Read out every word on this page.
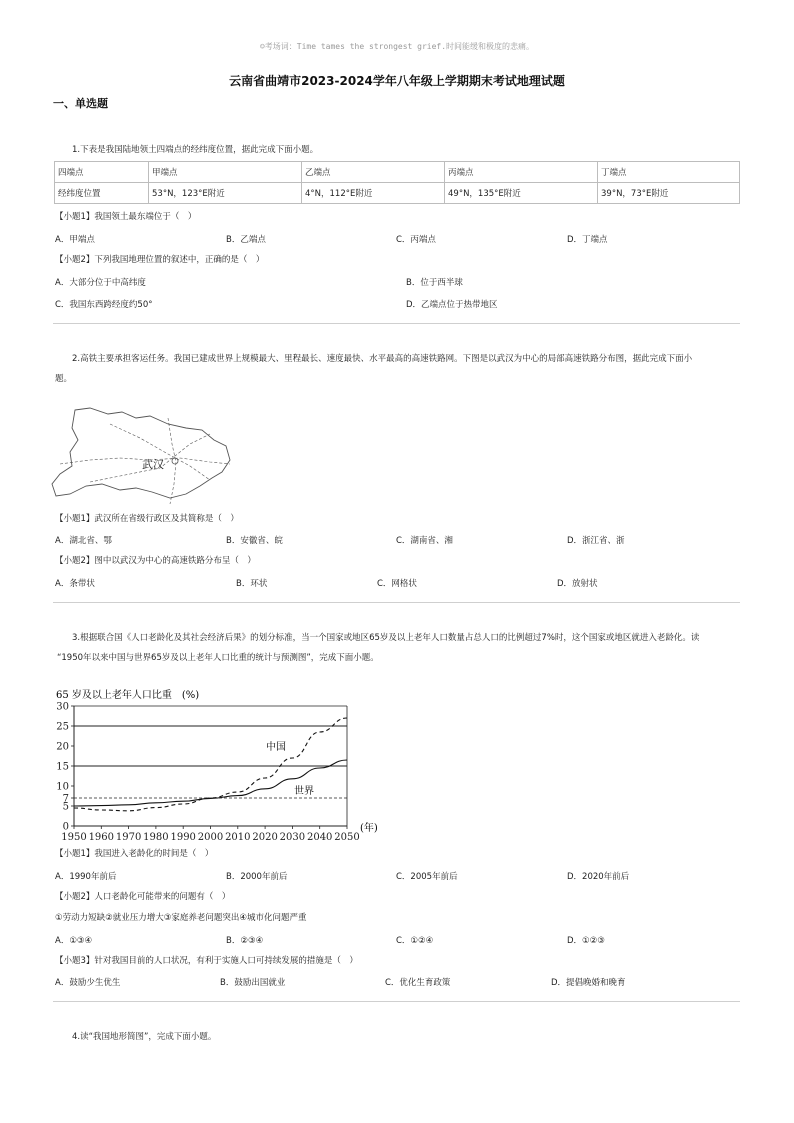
☺考场词：Time tames the strongest grief.时间能缓和极度的悲痛。
云南省曲靖市2023-2024学年八年级上学期期末考试地理试题
一、单选题
1.下表是我国陆地领土四端点的经纬度位置，据此完成下面小题。
四端点	甲端点	乙端点	丙端点	丁端点
经纬度位置	53°N，123°E附近	4°N，112°E附近	49°N，135°E附近	39°N，73°E附近
【小题1】我国领土最东端位于（　）
A．甲端点	B．乙端点	C．丙端点	D．丁端点
【小题2】下列我国地理位置的叙述中，正确的是（　）
A．大部分位于中高纬度	B．位于西半球
C．我国东西跨经度约50°	D．乙端点位于热带地区
2.高铁主要承担客运任务。我国已建成世界上规模最大、里程最长、速度最快、水平最高的高速铁路网。下图是以武汉为中心的局部高速铁路分布图，据此完成下面小
题。
武汉
【小题1】武汉所在省级行政区及其简称是（　）
A．湖北省、鄂	B．安徽省、皖	C．湖南省、湘	D．浙江省、浙
【小题2】图中以武汉为中心的高速铁路分布呈（　）
A．条带状	B．环状	C．网格状	D．放射状
3.根据联合国《人口老龄化及其社会经济后果》的划分标准，当一个国家或地区65岁及以上老年人口数量占总人口的比例超过7%时，这个国家或地区就进入老龄化。读
“1950年以来中国与世界65岁及以上老年人口比重的统计与预测图”，完成下面小题。
65 岁及以上老年人口比重　(%)
0
5
7
10
15
20
25
30
1950 1960 1970 1980 1990 2000 2010 2020 2030 2040 2050
(年)
中国
世界
【小题1】我国进入老龄化的时间是（　）
A．1990年前后	B．2000年前后	C．2005年前后	D．2020年前后
【小题2】人口老龄化可能带来的问题有（　）
①劳动力短缺②就业压力增大③家庭养老问题突出④城市化问题严重
A．①③④	B．②③④	C．①②④	D．①②③
【小题3】针对我国目前的人口状况，有利于实施人口可持续发展的措施是（　）
A．鼓励少生优生	B．鼓励出国就业	C．优化生育政策	D．提倡晚婚和晚育
4.读“我国地形简图”，完成下面小题。
